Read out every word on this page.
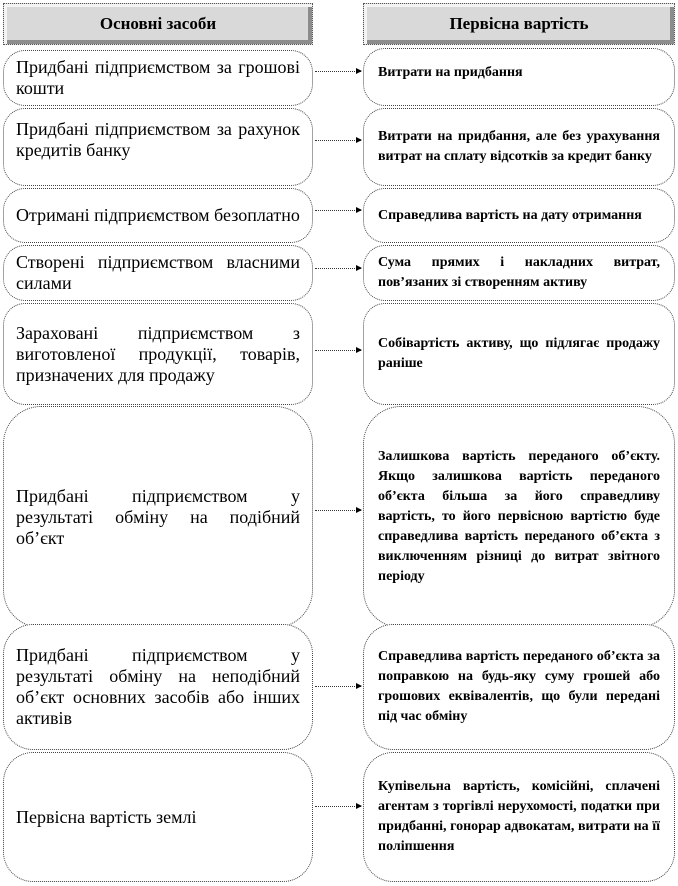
Основні засоби	Первісна вартість
Придбані підприємством за грошові кошти
Витрати на придбання
Придбані підприємством за рахунок кредитів банку
Витрати на придбання, але без урахування витрат на сплату відсотків за кредит банку
Отримані підприємством безоплатно	Справедлива вартість на дату отримання
Створені підприємством власними силами
Сума прямих і накладних витрат, пов’язаних зі створенням активу
Зараховані підприємством з виготовленої продукції, товарів, призначених для продажу
Собівартість активу, що підлягає продажу раніше
Придбані підприємством у результаті обміну на подібний об’єкт
Залишкова вартість переданого об’єкту. Якщо залишкова вартість переданого об’єкта більша за його справедливу вартість, то його первісною вартістю буде справедлива вартість переданого об’єкта з виключенням різниці до витрат звітного періоду
Придбані підприємством у результаті обміну на неподібний об’єкт основних засобів або інших активів
Справедлива вартість переданого об’єкта за поправкою на будь-яку суму грошей або грошових еквівалентів, що були передані під час обміну
Первісна вартість землі
Купівельна вартість, комісійні, сплачені агентам з торгівлі нерухомості, податки при придбанні, гонорар адвокатам, витрати на її поліпшення
